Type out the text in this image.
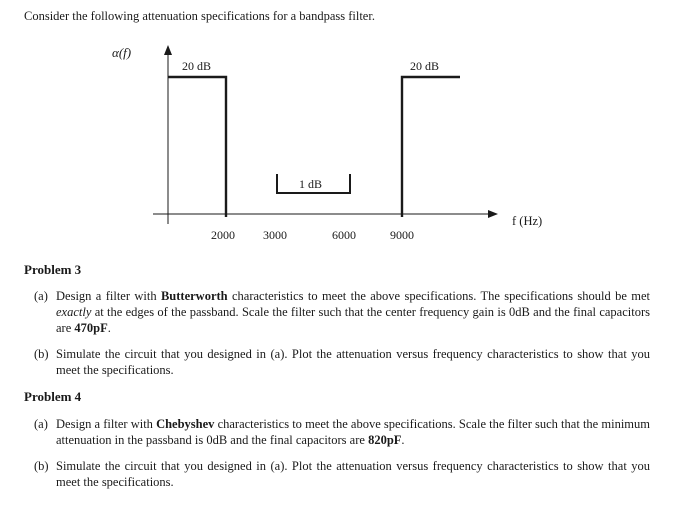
Consider the following attenuation specifications for a bandpass filter.
α(f)
f (Hz)
20 dB
1 dB
20 dB
2000 3000	6000	9000
Problem 3
(a) Design a filter with Butterworth characteristics to meet the above specifications. The specifications should be met exactly at the edges of the passband. Scale the filter such that the center frequency gain is 0dB and the final capacitors are 470pF.
(b) Simulate the circuit that you designed in (a). Plot the attenuation versus frequency characteristics to show that you meet the specifications.
Problem 4
(a) Design a filter with Chebyshev characteristics to meet the above specifications. Scale the filter such that the minimum attenuation in the passband is 0dB and the final capacitors are 820pF.
(b) Simulate the circuit that you designed in (a). Plot the attenuation versus frequency characteristics to show that you meet the specifications.
